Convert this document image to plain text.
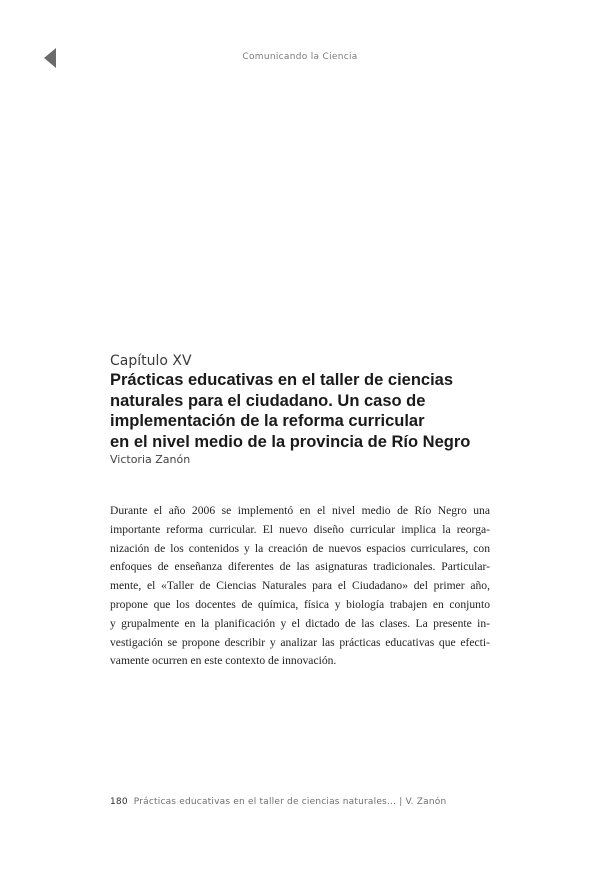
Comunicando la Ciencia

Capítulo XV

Prácticas educativas en el taller de ciencias
naturales para el ciudadano. Un caso de
implementación de la reforma curricular
en el nivel medio de la provincia de Río Negro

Victoria Zanón

Durante el año 2006 se implementó en el nivel medio de Río Negro una
importante reforma curricular. El nuevo diseño curricular implica la reorga-
nización de los contenidos y la creación de nuevos espacios curriculares, con
enfoques de enseñanza diferentes de las asignaturas tradicionales. Particular-
mente, el «Taller de Ciencias Naturales para el Ciudadano» del primer año,
propone que los docentes de química, física y biología trabajen en conjunto
y grupalmente en la planificación y el dictado de las clases. La presente in-
vestigación se propone describir y analizar las prácticas educativas que efecti-
vamente ocurren en este contexto de innovación.
180 Prácticas educativas en el taller de ciencias naturales... | V. Zanón
